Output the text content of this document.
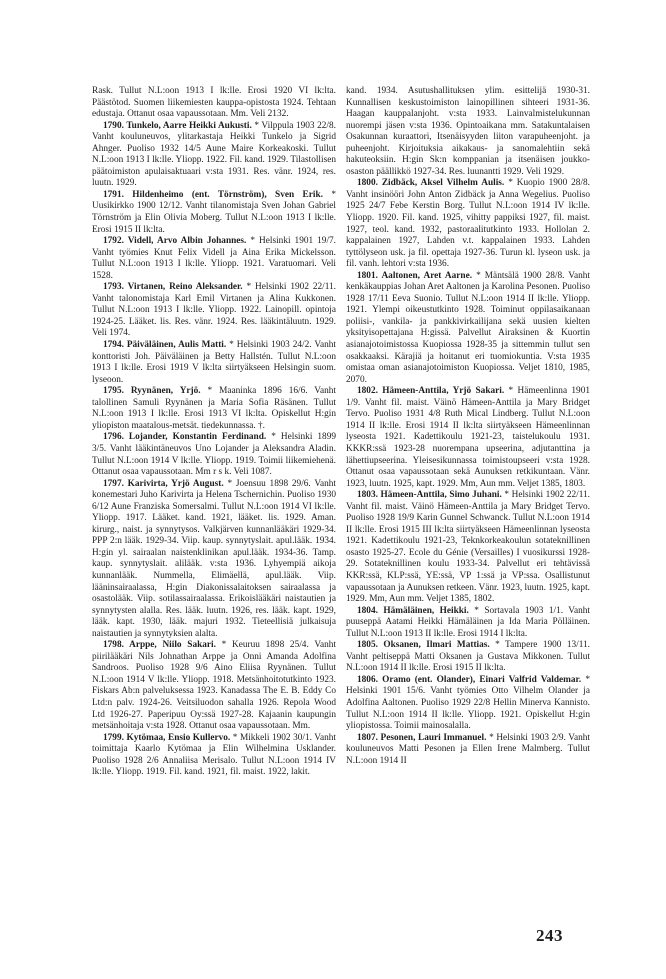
Rask. Tullut N.L:oon 1913 I lk:lle. Erosi 1920 VI lk:lta. Päästötod. Suomen liikemiesten kauppa-opistosta 1924. Tehtaan edustaja. Ottanut osaa vapaussotaan. Mm. Veli 2132.

1790. Tunkelo, Aarre Heikki Aukusti. * Vilppula 1903 22/8. Vanht kouluneuvos, ylitarkastaja Heikki Tunkelo ja Sigrid Ahnger. Puoliso 1932 14/5 Aune Maire Korkeakoski. Tullut N.L:oon 1913 I lk:lle. Yliopp. 1922. Fil. kand. 1929. Tilastollisen päätoimiston apulaisaktuaari v:sta 1931. Res. vänr. 1924, res. luutn. 1929.

1791. Hildenheimo (ent. Törnström), Sven Erik. * Uusikirkko 1900 12/12. Vanht tilanomistaja Sven Johan Gabriel Törnström ja Elin Olivia Moberg. Tullut N.L:oon 1913 I lk:lle. Erosi 1915 II lk:lta.

1792. Videll, Arvo Albin Johannes. * Helsinki 1901 19/7. Vanht työmies Knut Felix Videll ja Aina Erika Mickelsson. Tullut N.L:oon 1913 I lk:lle. Yliopp. 1921. Varatuomari. Veli 1528.

1793. Virtanen, Reino Aleksander. * Helsinki 1902 22/11. Vanht talonomistaja Karl Emil Virtanen ja Alina Kukkonen. Tullut N.L:oon 1913 I lk:lle. Yliopp. 1922. Lainopill. opintoja 1924-25. Lääket. lis. Res. vänr. 1924. Res. lääkintäluutn. 1929. Veli 1974.

1794. Päiväläinen, Aulis Matti. * Helsinki 1903 24/2. Vanht konttoristi Joh. Päiväläinen ja Betty Hallstén. Tullut N.L:oon 1913 I lk:lle. Erosi 1919 V lk:lta siirtyäkseen Helsingin suom. lyseoon.

1795. Ryynänen, Yrjö. * Maaninka 1896 16/6. Vanht talollinen Samuli Ryynänen ja Maria Sofia Räsänen. Tullut N.L:oon 1913 I lk:lle. Erosi 1913 VI lk:lta. Opiskellut H:gin yliopiston maatalous-metsät. tiedekunnassa. †.

1796. Lojander, Konstantin Ferdinand. * Helsinki 1899 3/5. Vanht lääkintäneuvos Uno Lojander ja Aleksandra Aladin. Tullut N.L:oon 1914 V lk:lle. Yliopp. 1919. Toimii liikemiehenä. Ottanut osaa vapaussotaan. Mm r s k. Veli 1087.

1797. Karivirta, Yrjö August. * Joensuu 1898 29/6. Vanht konemestari Juho Karivirta ja Helena Tschernichin. Puoliso 1930 6/12 Aune Franziska Somersalmi. Tullut N.L:oon 1914 VI lk:lle. Yliopp. 1917. Lääket. kand. 1921, lääket. lis. 1929. Aman. kirurg., naist. ja synnytysos. Valkjärven kunnanlääkäri 1929-34. PPP 2:n lääk. 1929-34. Viip. kaup. synnytyslait. apul.lääk. 1934. H:gin yl. sairaalan naistenklinikan apul.lääk. 1934-36. Tamp. kaup. synnytyslait. alilääk. v:sta 1936. Lyhyempiä aikoja kunnanlääk. Nummella, Elimäellä, apul.lääk. Viip. lääninsairaalassa, H:gin Diakonissalaitoksen sairaalassa ja osastolääk. Viip. sotilassairaalassa. Erikoislääkäri naistautien ja synnytysten alalla. Res. lääk. luutn. 1926, res. lääk. kapt. 1929, lääk. kapt. 1930, lääk. majuri 1932. Tieteellisiä julkaisuja naistautien ja synnytyksien alalta.

1798. Arppe, Niilo Sakari. * Keuruu 1898 25/4. Vanht piirilääkäri Nils Johnathan Arppe ja Onni Amanda Adolfina Sandroos. Puoliso 1928 9/6 Aino Eliisa Ryynänen. Tullut N.L:oon 1914 V lk:lle. Yliopp. 1918. Metsänhoitotutkinto 1923. Fiskars Ab:n palveluksessa 1923. Kanadassa The E. B. Eddy Co Ltd:n palv. 1924-26. Veitsiluodon sahalla 1926. Repola Wood Ltd 1926-27. Paperipuu Oy:ssä 1927-28. Kajaanin kaupungin metsänhoitaja v:sta 1928. Ottanut osaa vapaussotaan. Mm.

1799. Kytömaa, Ensio Kullervo. * Mikkeli 1902 30/1. Vanht toimittaja Kaarlo Kytömaa ja Elin Wilhelmina Usklander. Puoliso 1928 2/6 Annaliisa Merisalo. Tullut N.L:oon 1914 IV lk:lle. Yliopp. 1919. Fil. kand. 1921, fil. maist. 1922, lakit.

kand. 1934. Asutushallituksen ylim. esittelijä 1930-31. Kunnallisen keskustoimiston lainopillinen sihteeri 1931-36. Haagan kauppalanjoht. v:sta 1933. Lainvalmistelukunnan nuorempi jäsen v:sta 1936. Opintoaikana mm. Satakuntalaisen Osakunnan kuraattori, Itsenäisyyden liiton varapuheenjoht. ja puheenjoht. Kirjoituksia aikakaus- ja sanomalehtiin sekä hakuteoksiin. H:gin Sk:n komppanian ja itsenäisen joukko-osaston päällikkö 1927-34. Res. luunantti 1929. Veli 1929.

1800. Zidbäck, Aksel Vilhelm Aulis. * Kuopio 1900 28/8. Vanht insinööri John Anton Zidbäck ja Anna Wegelius. Puoliso 1925 24/7 Febe Kerstin Borg. Tullut N.L:oon 1914 IV lk:lle. Yliopp. 1920. Fil. kand. 1925, vihitty pappiksi 1927, fil. maist. 1927, teol. kand. 1932, pastoraalitutkinto 1933. Hollolan 2. kappalainen 1927, Lahden v.t. kappalainen 1933. Lahden tyttölyseon usk. ja fil. opettaja 1927-36. Turun kl. lyseon usk. ja fil. vanh. lehtori v:sta 1936.

1801. Aaltonen, Aret Aarne. * Mäntsälä 1900 28/8. Vanht kenkäkauppias Johan Aret Aaltonen ja Karolina Pesonen. Puoliso 1928 17/11 Eeva Suonio. Tullut N.L:oon 1914 II lk:lle. Yliopp. 1921. Ylempi oikeustutkinto 1928. Toiminut oppilasaikanaan poliisi-, vankila- ja pankkivirkailijana sekä uusien kielten yksityisopettajana H:gissä. Palvellut Airaksinen & Kuortin asianajotoimistossa Kuopiossa 1928-35 ja sittemmin tullut sen osakkaaksi. Kärajiä ja hoitanut eri tuomiokuntia. V:sta 1935 omistaa oman asianajotoimiston Kuopiossa. Veljet 1810, 1985, 2070.

1802. Hämeen-Anttila, Yrjö Sakari. * Hämeenlinna 1901 1/9. Vanht fil. maist. Väinö Hämeen-Anttila ja Mary Bridget Tervo. Puoliso 1931 4/8 Ruth Mical Lindberg. Tullut N.L:oon 1914 II lk:lle. Erosi 1914 II lk:lta siirtyäkseen Hämeenlinnan lyseosta 1921. Kadettikoulu 1921-23, taistelukoulu 1931. KKKR:ssä 1923-28 nuorempana upseerina, adjutanttina ja lähettiupseerina. Yleisesikunnassa toimistoupseeri v:sta 1928. Ottanut osaa vapaussotaan sekä Aunuksen retkikuntaan. Vänr. 1923, luutn. 1925, kapt. 1929. Mm, Aun mm. Veljet 1385, 1803.

1803. Hämeen-Anttila, Simo Juhani. * Helsinki 1902 22/11. Vanht fil. maist. Väinö Hämeen-Anttila ja Mary Bridget Tervo. Puoliso 1928 19/9 Karin Gunnel Schwanck. Tullut N.L:oon 1914 II lk:lle. Erosi 1915 III lk:lta siirtyäkseen Hämeenlinnan lyseosta 1921. Kadettikoulu 1921-23, Teknkorkeakoulun sotateknillinen osasto 1925-27. Ecole du Génie (Versailles) I vuosikurssi 1928-29. Sotateknillinen koulu 1933-34. Palvellut eri tehtävissä KKR:ssä, KLP:ssä, YE:ssä, VP 1:ssä ja VP:ssa. Osallistunut vapaussotaan ja Aunuksen retkeen. Vänr. 1923, luutn. 1925, kapt. 1929. Mm, Aun mm. Veljet 1385, 1802.

1804. Hämäläinen, Heikki. * Sortavala 1903 1/1. Vanht puuseppä Aatami Heikki Hämäläinen ja Ida Maria Pölläinen. Tullut N.L:oon 1913 II lk:lle. Erosi 1914 I lk:lta.

1805. Oksanen, Ilmari Mattias. * Tampere 1900 13/11. Vanht peltiseppä Matti Oksanen ja Gustava Mikkonen. Tullut N.L:oon 1914 II lk:lle. Erosi 1915 II lk:lta.

1806. Oramo (ent. Olander), Einari Valfrid Valdemar. * Helsinki 1901 15/6. Vanht työmies Otto Vilhelm Olander ja Adolfina Aaltonen. Puoliso 1929 22/8 Hellin Minerva Kannisto. Tullut N.L:oon 1914 II lk:lle. Yliopp. 1921. Opiskellut H:gin yliopistossa. Toimii mainosalalla.

1807. Pesonen, Lauri Immanuel. * Helsinki 1903 2/9. Vanht kouluneuvos Matti Pesonen ja Ellen Irene Malmberg. Tullut N.L:oon 1914 II

243
